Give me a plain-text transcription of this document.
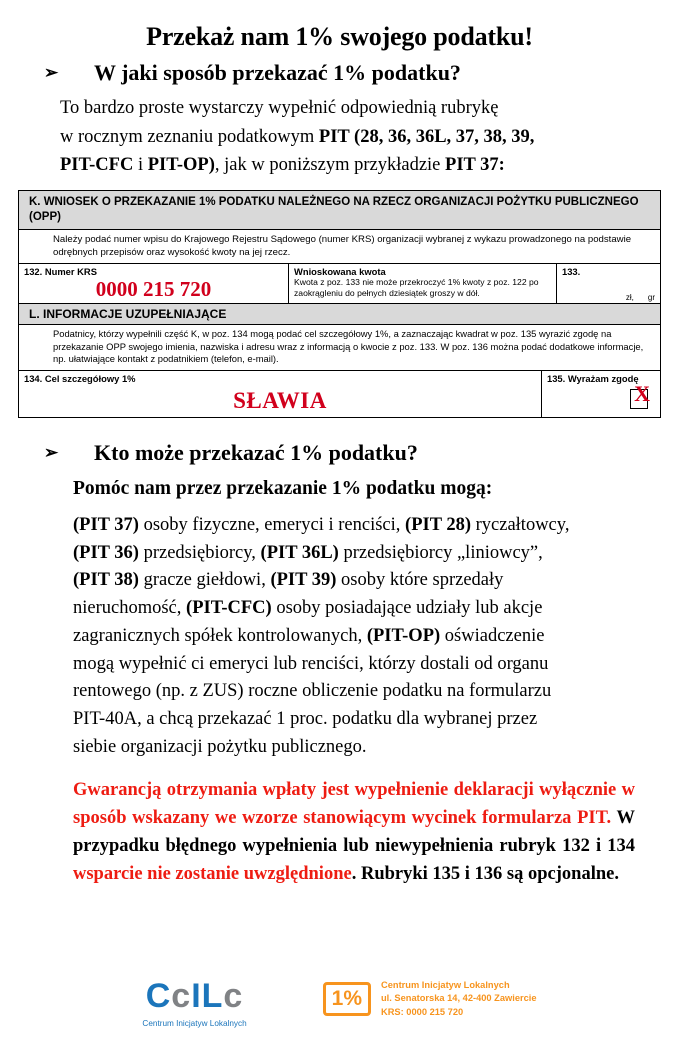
Przekaż nam 1% swojego podatku!
➢	W jaki sposób przekazać 1% podatku?
To bardzo proste wystarczy wypełnić odpowiednią rubrykę
w rocznym zeznaniu podatkowym PIT (28, 36, 36L, 37, 38, 39,
PIT-CFC i PIT-OP), jak w poniższym przykładzie PIT 37:
K. WNIOSEK O PRZEKAZANIE 1% PODATKU NALEŻNEGO NA RZECZ ORGANIZACJI POŻYTKU PUBLICZNEGO (OPP)
Należy podać numer wpisu do Krajowego Rejestru Sądowego (numer KRS) organizacji wybranej z wykazu prowadzonego na podstawie odrębnych przepisów oraz wysokość kwoty na jej rzecz.
132. Numer KRS
0000 215 720
Wnioskowana kwota
Kwota z poz. 133 nie może przekroczyć 1% kwoty z poz. 122 po zaokrągleniu do pełnych dziesiątek groszy w dół.
133.
zł, gr
L. INFORMACJE UZUPEŁNIAJĄCE
Podatnicy, którzy wypełnili część K, w poz. 134 mogą podać cel szczegółowy 1%, a zaznaczając kwadrat w poz. 135 wyrazić zgodę na przekazanie OPP swojego imienia, nazwiska i adresu wraz z informacją o kwocie z poz. 133. W poz. 136 można podać dodatkowe informacje, np. ułatwiające kontakt z podatnikiem (telefon, e-mail).
134. Cel szczegółowy 1%
SŁAWIA
135. Wyrażam zgodę
X
➢	Kto może przekazać 1% podatku?
Pomóc nam przez przekazanie 1% podatku mogą:
(PIT 37) osoby fizyczne, emeryci i renciści, (PIT 28) ryczałtowcy,
(PIT 36) przedsiębiorcy, (PIT 36L) przedsiębiorcy „liniowcy”,
(PIT 38) gracze giełdowi, (PIT 39) osoby które sprzedały
nieruchomość, (PIT-CFC) osoby posiadające udziały lub akcje
zagranicznych spółek kontrolowanych, (PIT-OP) oświadczenie
mogą wypełnić ci emeryci lub renciści, którzy dostali od organu
rentowego (np. z ZUS) roczne obliczenie podatku na formularzu
PIT-40A, a chcą przekazać 1 proc. podatku dla wybranej przez
siebie organizacji pożytku publicznego.
Gwarancją otrzymania wpłaty jest wypełnienie deklaracji wyłącznie w sposób wskazany we wzorze stanowiącym wycinek formularza PIT. W przypadku błędnego wypełnienia lub niewypełnienia rubryk 132 i 134 wsparcie nie zostanie uwzględnione. Rubryki 135 i 136 są opcjonalne.
CcILc
Centrum Inicjatyw Lokalnych
1%
Centrum Inicjatyw Lokalnych
ul. Senatorska 14, 42-400 Zawiercie
KRS: 0000 215 720
